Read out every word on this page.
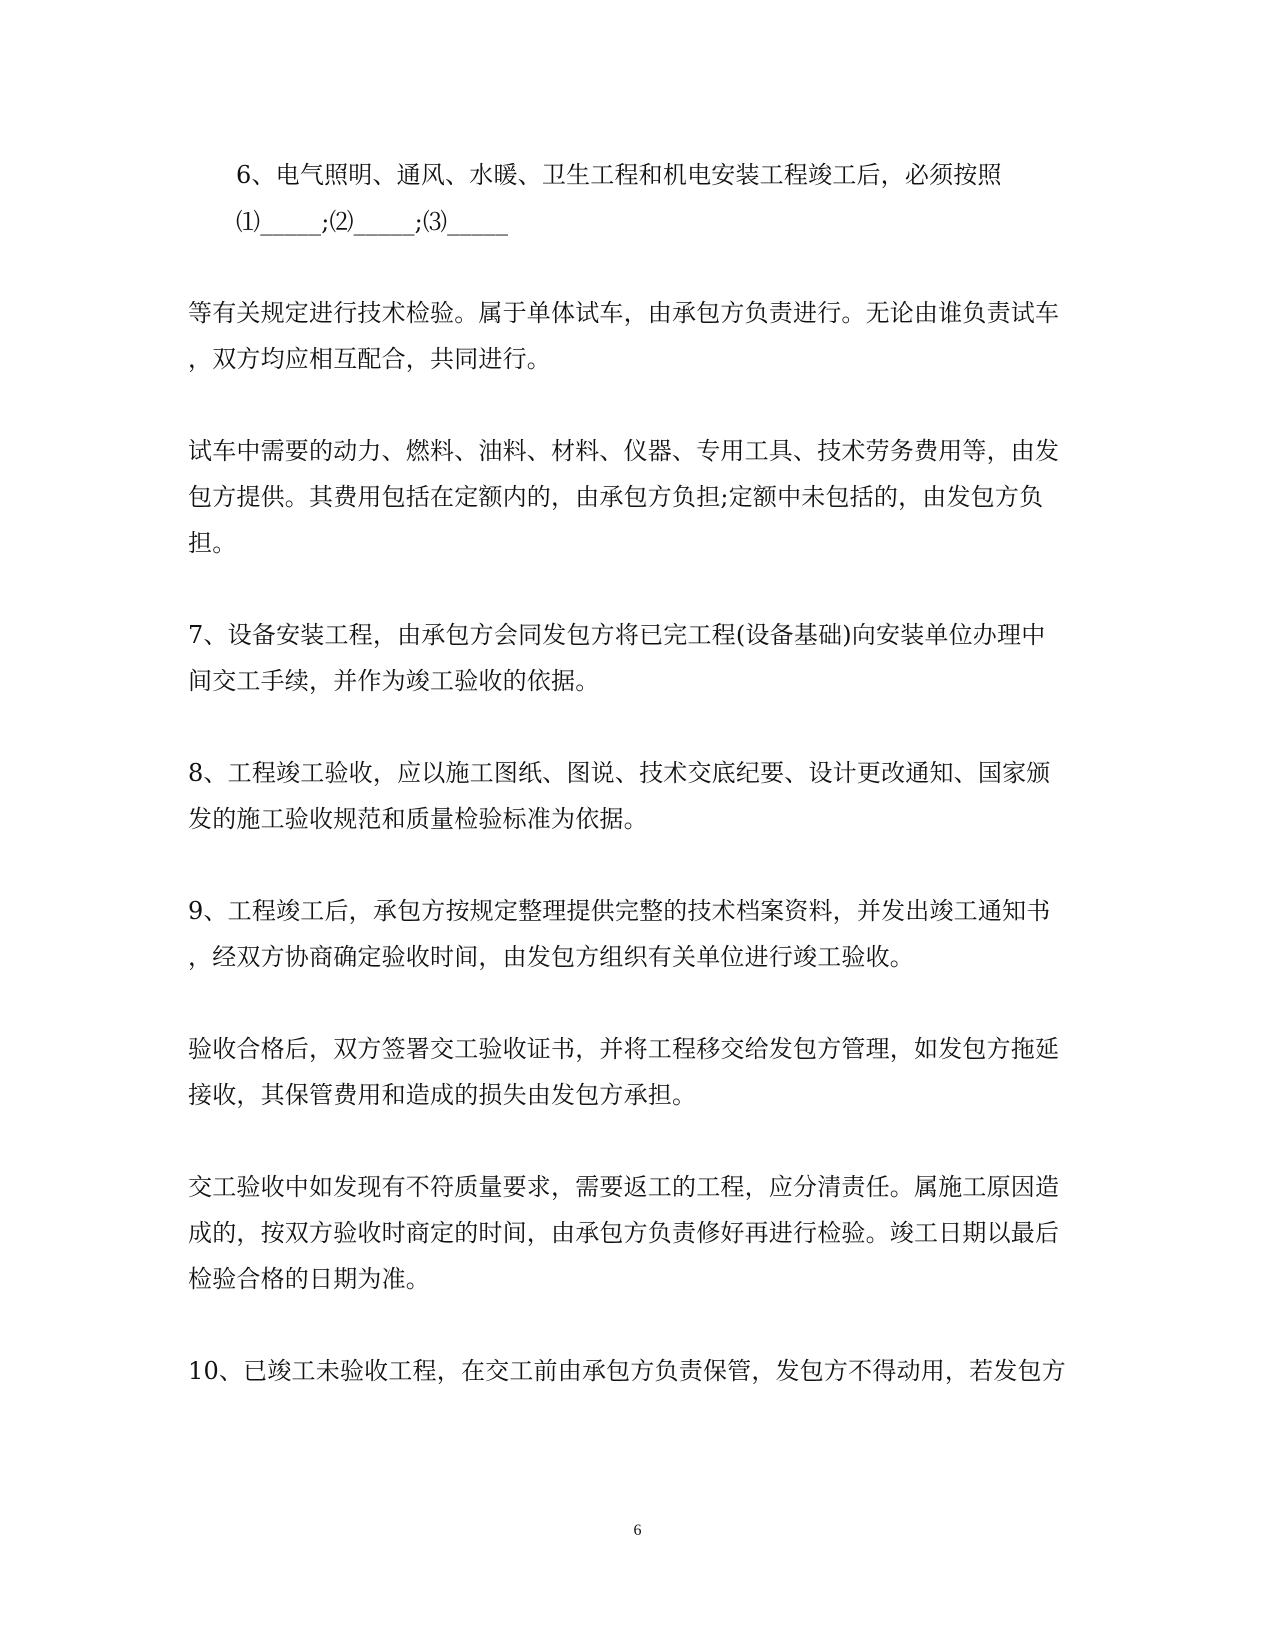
6、电气照明、通风、水暖、卫生工程和机电安装工程竣工后，必须按照
⑴_____;⑵_____;⑶_____
等有关规定进行技术检验。属于单体试车，由承包方负责进行。无论由谁负责试车
，双方均应相互配合，共同进行。
试车中需要的动力、燃料、油料、材料、仪器、专用工具、技术劳务费用等，由发
包方提供。其费用包括在定额内的，由承包方负担;定额中未包括的，由发包方负
担。
7、设备安装工程，由承包方会同发包方将已完工程(设备基础)向安装单位办理中
间交工手续，并作为竣工验收的依据。
8、工程竣工验收，应以施工图纸、图说、技术交底纪要、设计更改通知、国家颁
发的施工验收规范和质量检验标准为依据。
9、工程竣工后，承包方按规定整理提供完整的技术档案资料，并发出竣工通知书
，经双方协商确定验收时间，由发包方组织有关单位进行竣工验收。
验收合格后，双方签署交工验收证书，并将工程移交给发包方管理，如发包方拖延
接收，其保管费用和造成的损失由发包方承担。
交工验收中如发现有不符质量要求，需要返工的工程，应分清责任。属施工原因造
成的，按双方验收时商定的时间，由承包方负责修好再进行检验。竣工日期以最后
检验合格的日期为准。
10、已竣工未验收工程，在交工前由承包方负责保管，发包方不得动用，若发包方
6
